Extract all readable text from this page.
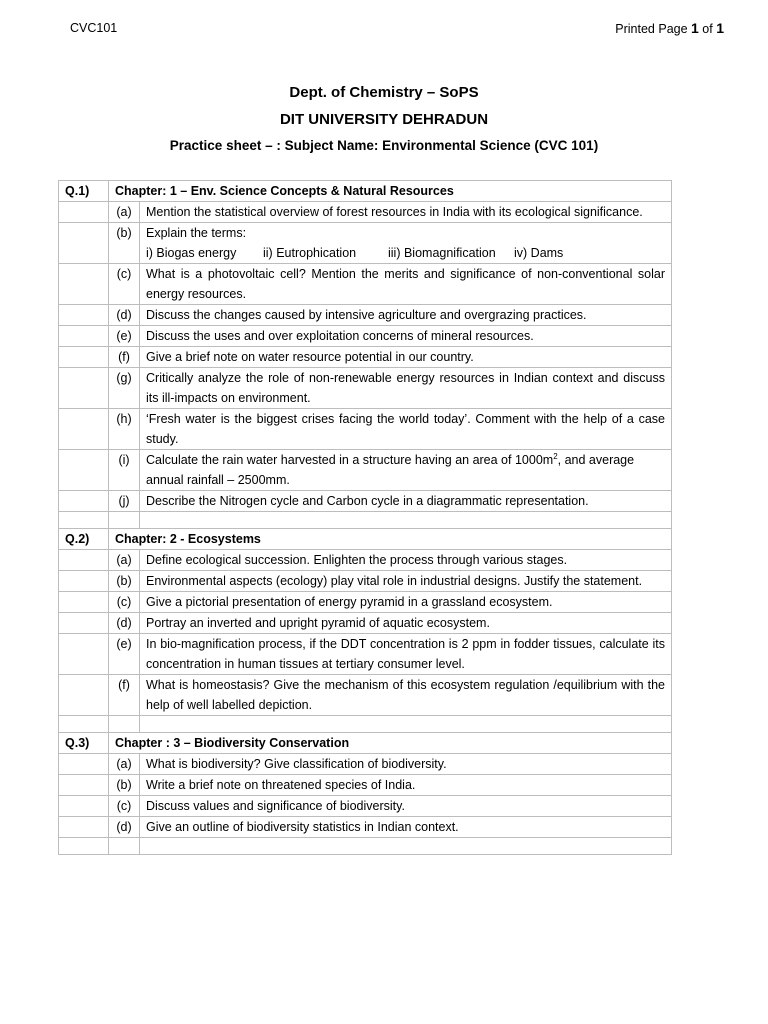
CVC101	Printed Page 1 of 1
Dept. of Chemistry – SoPS
DIT UNIVERSITY DEHRADUN
Practice sheet – : Subject Name: Environmental Science (CVC 101)
Q.1)	Chapter: 1 – Env. Science Concepts & Natural Resources	
	(a)	Mention the statistical overview of forest resources in India with its ecological significance.
	(b)	Explain the terms:
i) Biogas energy ii) Eutrophication iii) Biomagnification iv) Dams

	(c)	What is a photovoltaic cell? Mention the merits and significance of non-conventional solar energy resources.
	(d)	Discuss the changes caused by intensive agriculture and overgrazing practices.
	(e)	Discuss the uses and over exploitation concerns of mineral resources.
	(f)	Give a brief note on water resource potential in our country.
	(g)	Critically analyze the role of non-renewable energy resources in Indian context and discuss its ill-impacts on environment.
	(h)	‘Fresh water is the biggest crises facing the world today’. Comment with the help of a case study.
	(i)	Calculate the rain water harvested in a structure having an area of $1000m^2$, and average annual rainfall – 2500mm.
	(j)	Describe the Nitrogen cycle and Carbon cycle in a diagrammatic representation.

Q.2)	Chapter: 2 - Ecosystems	
	(a)	Define ecological succession. Enlighten the process through various stages.
	(b)	Environmental aspects (ecology) play vital role in industrial designs. Justify the statement.
	(c)	Give a pictorial presentation of energy pyramid in a grassland ecosystem.
	(d)	Portray an inverted and upright pyramid of aquatic ecosystem.
	(e)	In bio-magnification process, if the DDT concentration is 2 ppm in fodder tissues, calculate its concentration in human tissues at tertiary consumer level.
	(f)	What is homeostasis? Give the mechanism of this ecosystem regulation /equilibrium with the help of well labelled depiction.

Q.3)	Chapter : 3 – Biodiversity Conservation	
	(a)	What is biodiversity? Give classification of biodiversity.
	(b)	Write a brief note on threatened species of India.
	(c)	Discuss values and significance of biodiversity.
	(d)	Give an outline of biodiversity statistics in Indian context.
